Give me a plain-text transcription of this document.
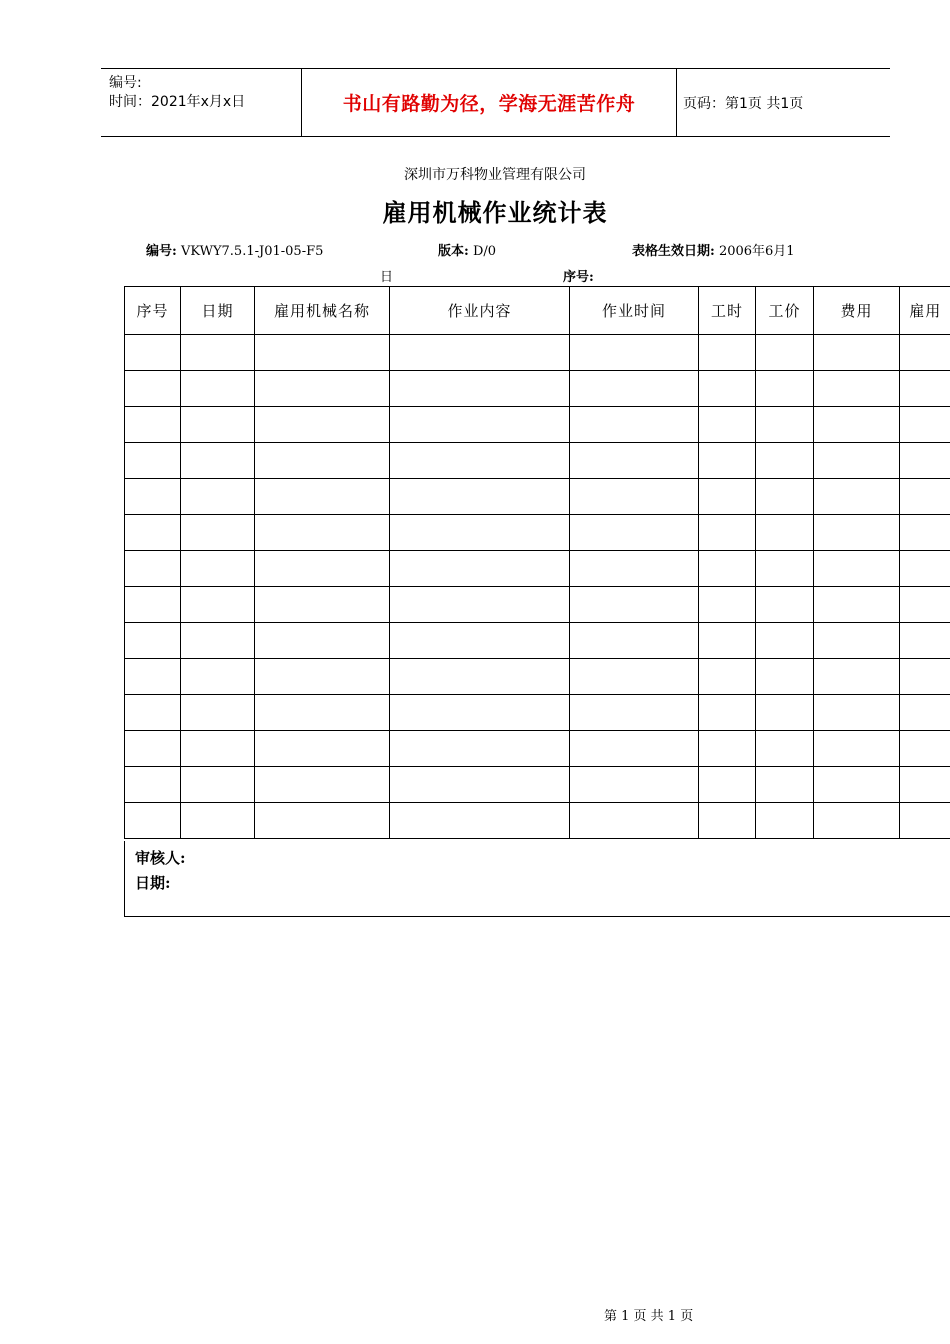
编号:
时间：2021年x月x日	书山有路勤为径，学海无涯苦作舟	页码：第1页 共1页
深圳市万科物业管理有限公司
雇用机械作业统计表
编号: VKWY7.5.1-J01-05-F5	版本: D/0	表格生效日期: 2006年6月1
日	序号:
序号	日期	雇用机械名称	作业内容	作业时间	工时	工价	费用	雇用

审核人:
日期:
第 1 页 共 1 页
